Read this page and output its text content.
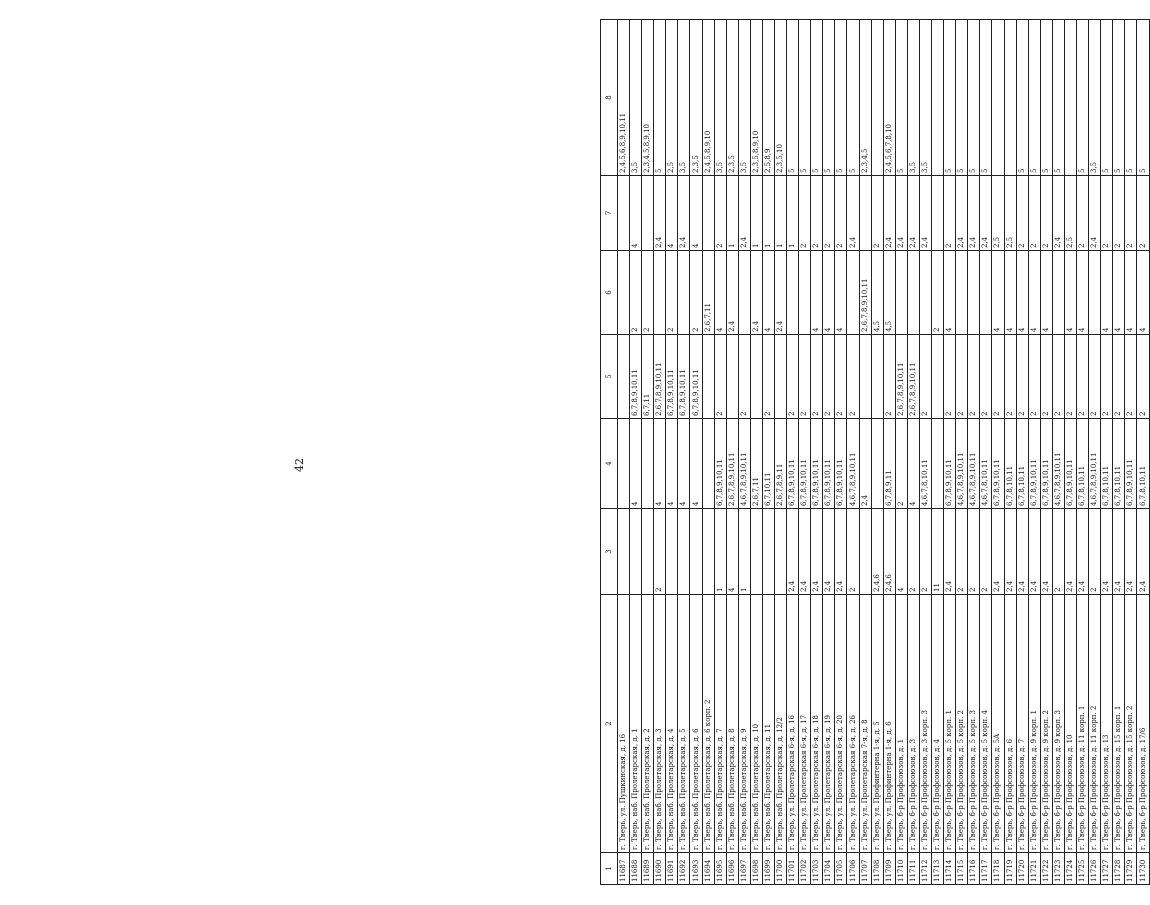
42
1	2	3	4	5	6	7	8
11687	г. Тверь, ул. Пушкинская, д. 16						2,4,5,6,8,9,10,11
11688	г. Тверь, наб. Пролетарская, д. 1		4	6,7,8,9,10,11	2	4	3,5
11689	г. Тверь, наб. Пролетарская, д. 2			6,7,11	2		2,3,4,5,8,9,10
11690	г. Тверь, наб. Пролетарская, д. 3	2	4	2,6,7,8,9,10,11		2,4	5
11691	г. Тверь, наб. Пролетарская, д. 4		4	6,7,8,9,10,11	2	4	2,5
11692	г. Тверь, наб. Пролетарская, д. 5		4	6,7,8,9,10,11		2,4	3,5
11693	г. Тверь, наб. Пролетарская, д. 6		4	6,7,8,9,10,11	2	4	2,3,5
11694	г. Тверь, наб. Пролетарская, д. 6 корп. 2				2,6,7,11		2,4,5,8,9,10
11695	г. Тверь, наб. Пролетарская, д. 7	1	6,7,8,9,10,11	2	4	2	3,5
11696	г. Тверь, наб. Пролетарская, д. 8	4	2,6,7,8,9,10,11		2,4	1	2,3,5
11697	г. Тверь, наб. Пролетарская, д. 9	1	4,6,7,8,9,10,11	2		2,4	3,5
11698	г. Тверь, наб. Пролетарская, д. 10		2,6,7,11		2,4	1	2,3,5,8,9,10
11699	г. Тверь, наб. Пролетарская, д. 11		6,7,10,11	2	4	1	2,5,8,9
11700	г. Тверь, наб. Пролетарская, д. 12/2		2,6,7,8,9,11		2,4	1	2,3,5,10
11701	г. Тверь, ул. Пролетарская 6-я, д. 16	2,4	6,7,8,9,10,11	2		1	5
11702	г. Тверь, ул. Пролетарская 6-я, д. 17	2,4	6,7,8,9,10,11	2		2	5
11703	г. Тверь, ул. Пролетарская 6-я, д. 18	2,4	6,7,8,9,10,11	2	4	2	5
11704	г. Тверь, ул. Пролетарская 6-я, д. 19	2,4	6,7,8,9,10,11	2	4	2	5
11705	г. Тверь, ул. Пролетарская 6-я, д. 20	2,4	6,7,8,9,10,11	2	4	2	5
11706	г. Тверь, ул. Пролетарская 6-я, д. 26	2	4,6,7,8,9,10,11	2		2,4	5
11707	г. Тверь, ул. Пролетарская 7-я, д. 8		2,4		2,6,7,8,9,10,11		2,3,4,5
11708	г. Тверь, ул. Профинтерна 1-я, д. 5	2,4,6			4,5	2	
11709	г. Тверь, ул. Профинтерна 1-я, д. 6	2,4,6	6,7,8,9,11	2	4,5	2,4	2,4,5,6,7,8,10
11710	г. Тверь, б-р Профсоюзов, д. 1	4	2	2,6,7,8,9,10,11		2,4	5
11711	г. Тверь, б-р Профсоюзов, д. 3	2	4	2,6,7,8,9,10,11		2,4	3,5
11712	г. Тверь, б-р Профсоюзов, д. 3 корп. 3	2	4,6,7,8,10,11	2		2,4	3,5
11713	г. Тверь, б-р Профсоюзов, д. 4	11			2		
11714	г. Тверь, б-р Профсоюзов, д. 5 корп. 1	2,4	6,7,8,9,10,11	2	4	2	5
11715	г. Тверь, б-р Профсоюзов, д. 5 корп. 2	2	4,6,7,8,9,10,11	2		2,4	5
11716	г. Тверь, б-р Профсоюзов, д. 5 корп. 3	2	4,6,7,8,9,10,11	2		2,4	5
11717	г. Тверь, б-р Профсоюзов, д. 5 корп. 4	2	4,6,7,8,10,11	2		2,4	5
11718	г. Тверь, б-р Профсоюзов, д. 5А	2,4	6,7,8,9,10,11	2	4	2,5	
11719	г. Тверь, б-р Профсоюзов, д. 6	2,4	6,7,8,10,11	2	4	2,5	
11720	г. Тверь, б-р Профсоюзов, д. 7	2,4	6,7,8,10,11	2	4	2	5
11721	г. Тверь, б-р Профсоюзов, д. 9 корп. 1	2,4	6,7,8,9,10,11	2	4	2	5
11722	г. Тверь, б-р Профсоюзов, д. 9 корп. 2	2,4	6,7,8,9,10,11	2	4	2	5
11723	г. Тверь, б-р Профсоюзов, д. 9 корп. 3	2	4,6,7,8,9,10,11	2		2,4	5
11724	г. Тверь, б-р Профсоюзов, д. 10	2,4	6,7,8,9,10,11	2	4	2,5	
11725	г. Тверь, б-р Профсоюзов, д. 11 корп. 1	2,4	6,7,8,10,11	2	4	2	5
11726	г. Тверь, б-р Профсоюзов, д. 11 корп. 2	2	4,6,7,8,9,10,11	2		2,4	3,5
11727	г. Тверь, б-р Профсоюзов, д. 13	2,4	6,7,8,10,11	2	4	2	5
11728	г. Тверь, б-р Профсоюзов, д. 15 корп. 1	2,4	6,7,8,10,11	2	4	2	5
11729	г. Тверь, б-р Профсоюзов, д. 15 корп. 2	2,4	6,7,8,9,10,11	2	4	2	5
11730	г. Тверь, б-р Профсоюзов, д. 17/6	2,4	6,7,8,10,11	2	4	2	5
